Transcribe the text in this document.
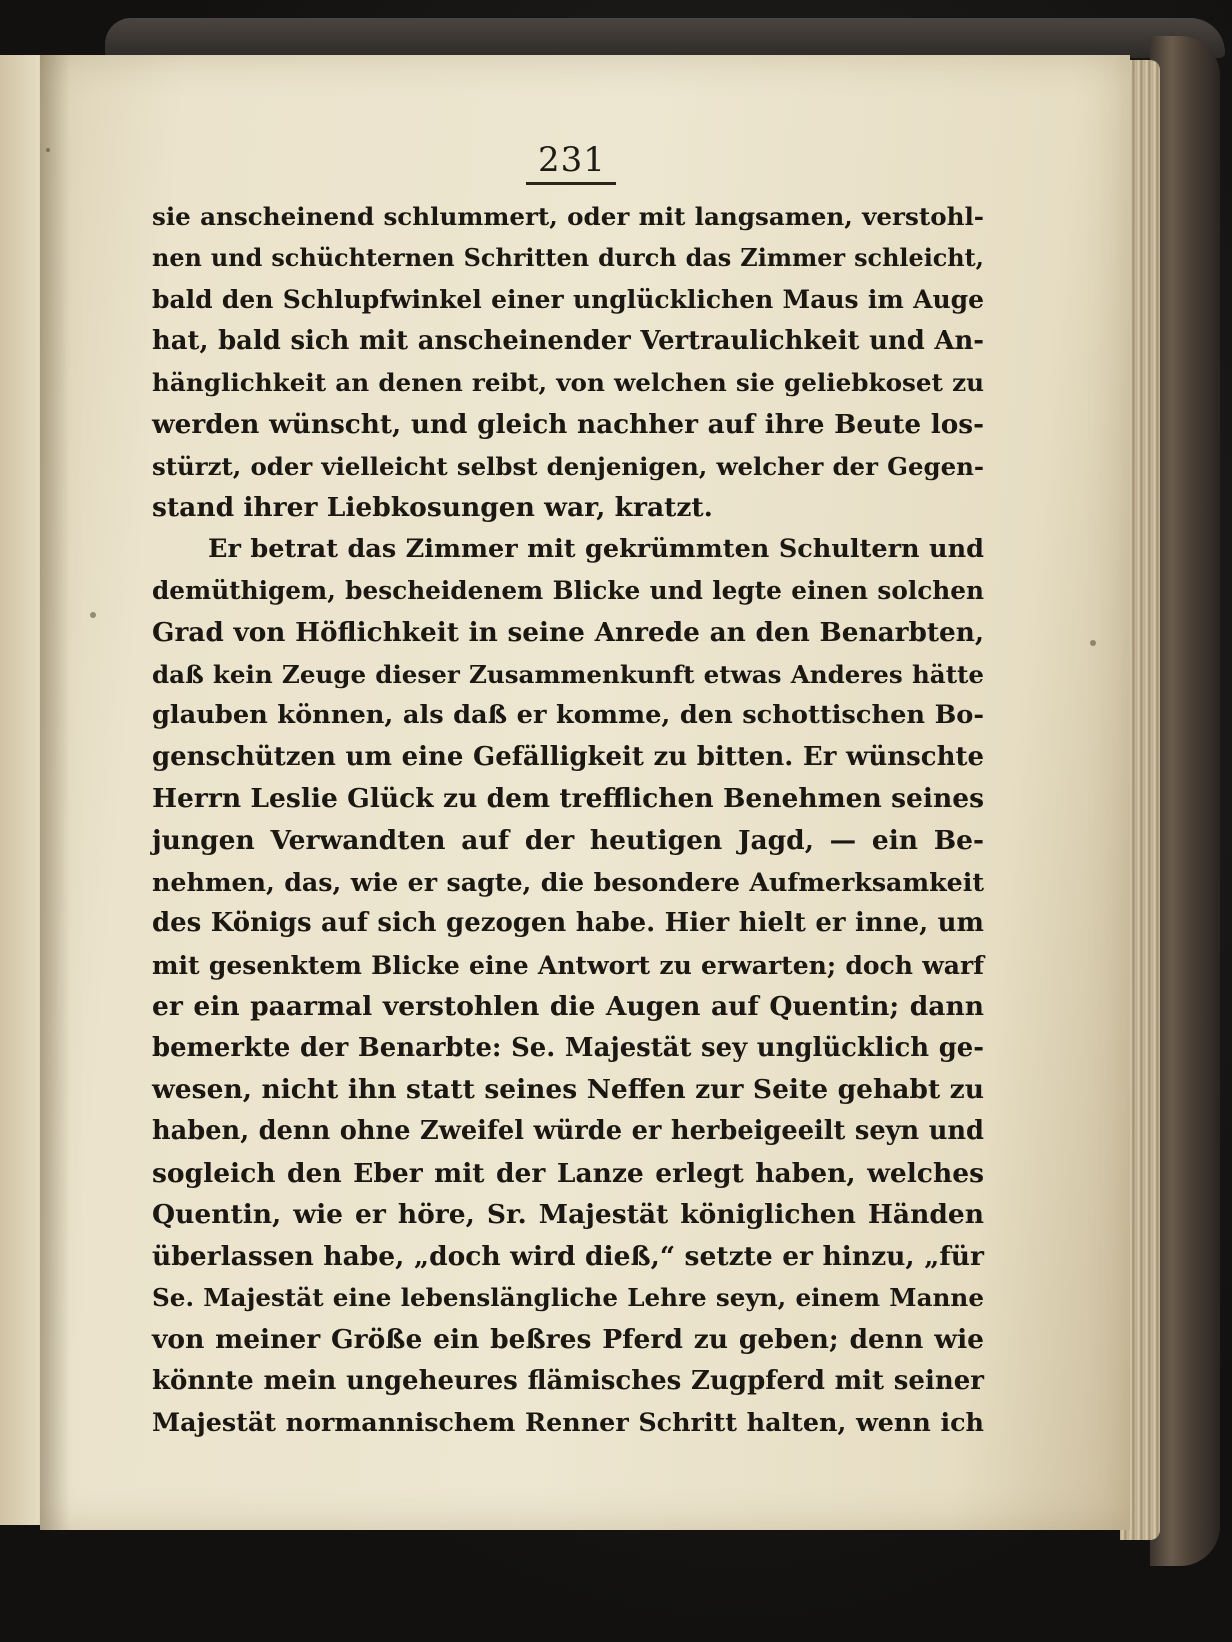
231
sie anscheinend schlummert, oder mit langsamen, verstohl-
nen und schüchternen Schritten durch das Zimmer schleicht,
bald den Schlupfwinkel einer unglücklichen Maus im Auge
hat, bald sich mit anscheinender Vertraulichkeit und An-
hänglichkeit an denen reibt, von welchen sie geliebkoset zu
werden wünscht, und gleich nachher auf ihre Beute los-
stürzt, oder vielleicht selbst denjenigen, welcher der Gegen-
stand ihrer Liebkosungen war, kratzt.
Er betrat das Zimmer mit gekrümmten Schultern und
demüthigem, bescheidenem Blicke und legte einen solchen
Grad von Höflichkeit in seine Anrede an den Benarbten,
daß kein Zeuge dieser Zusammenkunft etwas Anderes hätte
glauben können, als daß er komme, den schottischen Bo-
genschützen um eine Gefälligkeit zu bitten. Er wünschte
Herrn Leslie Glück zu dem trefflichen Benehmen seines
jungen Verwandten auf der heutigen Jagd, — ein Be-
nehmen, das, wie er sagte, die besondere Aufmerksamkeit
des Königs auf sich gezogen habe. Hier hielt er inne, um
mit gesenktem Blicke eine Antwort zu erwarten; doch warf
er ein paarmal verstohlen die Augen auf Quentin; dann
bemerkte der Benarbte: Se. Majestät sey unglücklich ge-
wesen, nicht ihn statt seines Neffen zur Seite gehabt zu
haben, denn ohne Zweifel würde er herbeigeeilt seyn und
sogleich den Eber mit der Lanze erlegt haben, welches
Quentin, wie er höre, Sr. Majestät königlichen Händen
überlassen habe, „doch wird dieß,“ setzte er hinzu, „für
Se. Majestät eine lebenslängliche Lehre seyn, einem Manne
von meiner Größe ein beßres Pferd zu geben; denn wie
könnte mein ungeheures flämisches Zugpferd mit seiner
Majestät normannischem Renner Schritt halten, wenn ich
